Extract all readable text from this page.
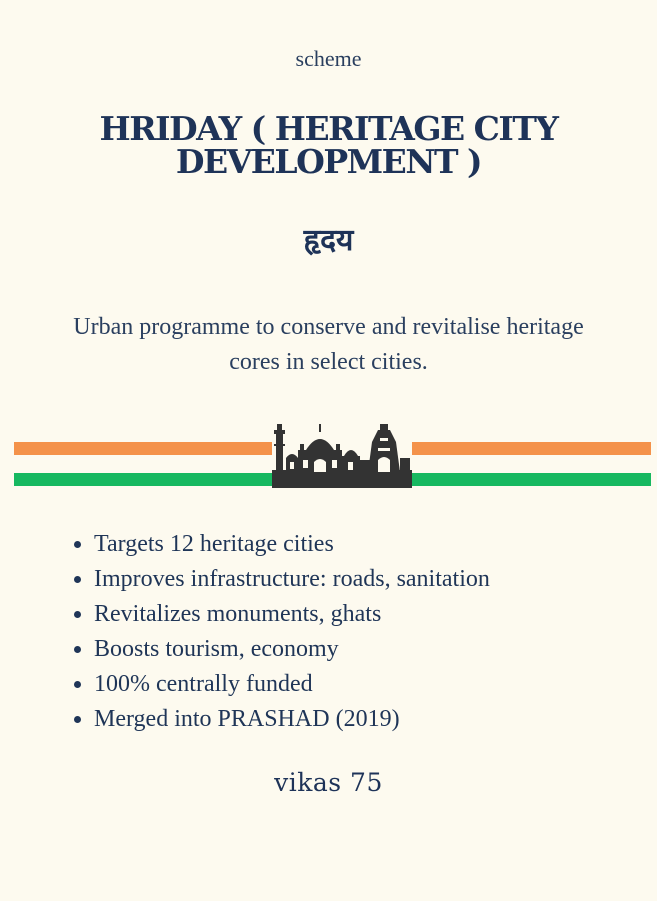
scheme
HRIDAY ( HERITAGE CITY DEVELOPMENT )
हृदय
Urban programme to conserve and revitalise heritage cores in select cities.
Targets 12 heritage cities
Improves infrastructure: roads, sanitation
Revitalizes monuments, ghats
Boosts tourism, economy
100% centrally funded
Merged into PRASHAD (2019)
vikas 75
